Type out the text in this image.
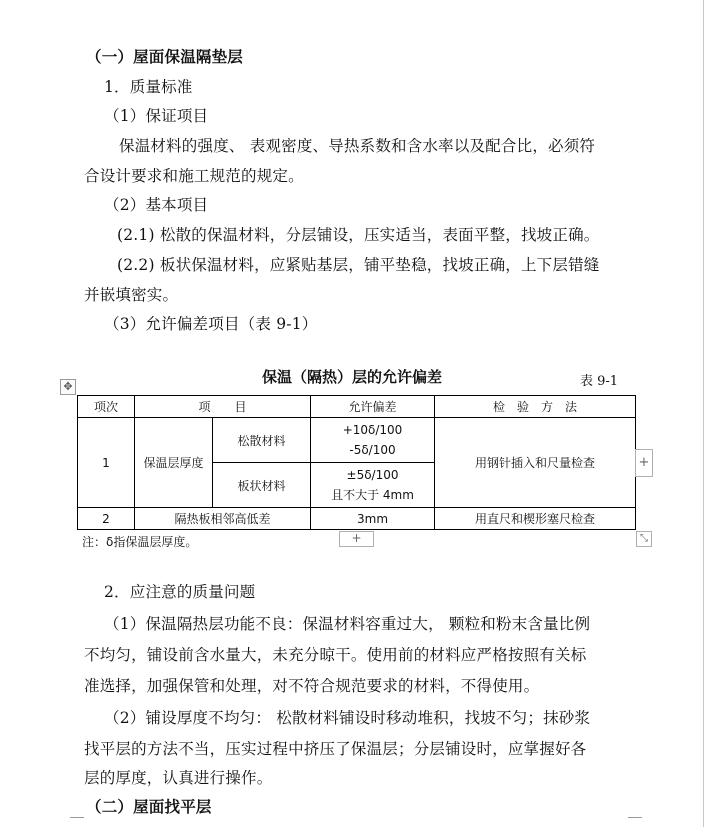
（一）屋面保温隔垫层
1．质量标准
（1）保证项目
保温材料的强度、 表观密度、导热系数和含水率以及配合比，必须符
合设计要求和施工规范的规定。
（2）基本项目
(2.1) 松散的保温材料，分层铺设，压实适当，表面平整，找坡正确。
(2.2) 板状保温材料，应紧贴基层，铺平垫稳，找坡正确，上下层错缝
并嵌填密实。
（3）允许偏差项目（表 9-1）
✥
保温（隔热）层的允许偏差	表 9-1
项次	项　　目		允许偏差	检　验　方　法
1	保温层厚度	松散材料	+10δ/100
-5δ/100	用钢针插入和尺量检查
		板状材料	±5δ/100
且不大于 4mm	

2	隔热板相邻高低差		3mm	用直尺和楔形塞尺检查
+
注：δ指保温层厚度。	+	⤡
2．应注意的质量问题
（1）保温隔热层功能不良：保温材料容重过大， 颗粒和粉末含量比例
不均匀，铺设前含水量大，未充分晾干。使用前的材料应严格按照有关标
准选择，加强保管和处理，对不符合规范要求的材料，不得使用。
（2）铺设厚度不均匀： 松散材料铺设时移动堆积，找坡不匀；抹砂浆
找平层的方法不当，压实过程中挤压了保温层；分层铺设时，应掌握好各
层的厚度，认真进行操作。
（二）屋面找平层
